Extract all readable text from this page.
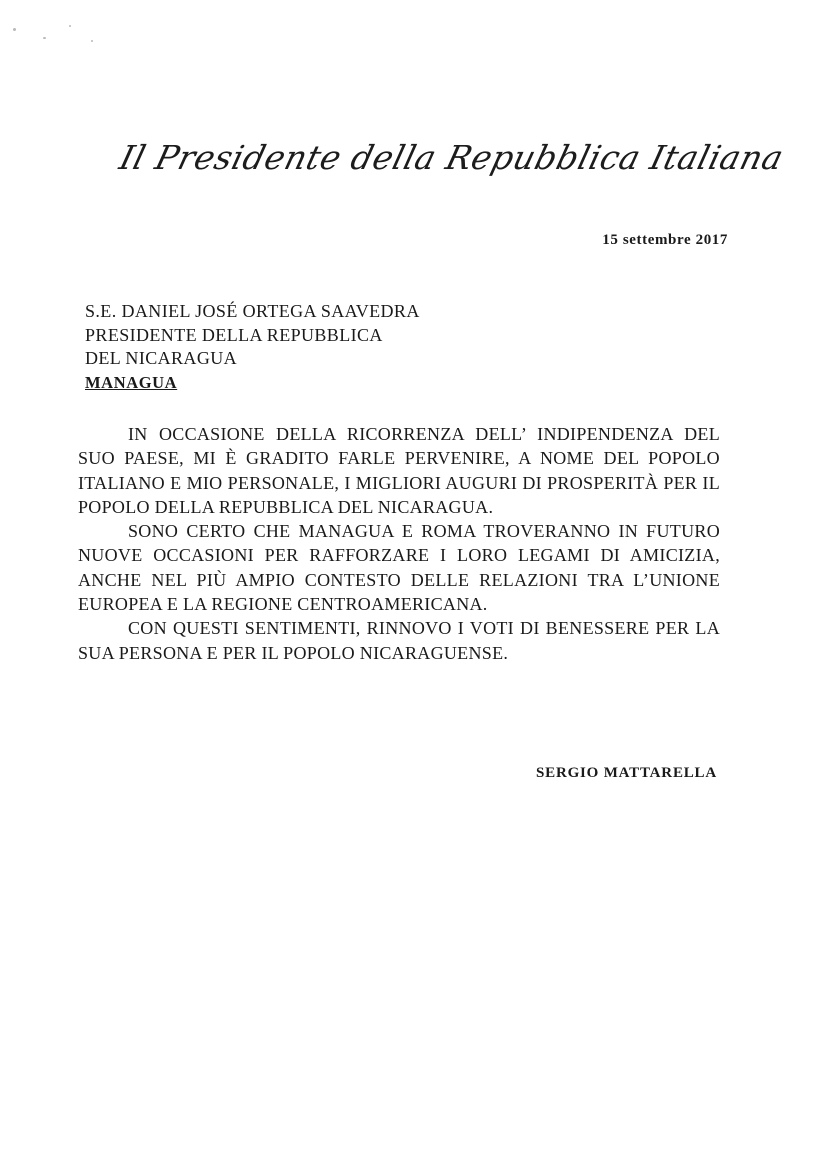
Il Presidente della Repubblica Italiana
15 settembre 2017
S.E. DANIEL JOSÉ ORTEGA SAAVEDRA
PRESIDENTE DELLA REPUBBLICA
DEL NICARAGUA
MANAGUA

IN OCCASIONE DELLA RICORRENZA DELL’ INDIPENDENZA DEL SUO PAESE, MI È GRADITO FARLE PERVENIRE, A NOME DEL POPOLO ITALIANO E MIO PERSONALE, I MIGLIORI AUGURI DI PROSPERITÀ PER IL POPOLO DELLA REPUBBLICA DEL NICARAGUA.

SONO CERTO CHE MANAGUA E ROMA TROVERANNO IN FUTURO NUOVE OCCASIONI PER RAFFORZARE I LORO LEGAMI DI AMICIZIA, ANCHE NEL PIÙ AMPIO CONTESTO DELLE RELAZIONI TRA L’UNIONE EUROPEA E LA REGIONE CENTROAMERICANA.

CON QUESTI SENTIMENTI, RINNOVO I VOTI DI BENESSERE PER LA SUA PERSONA E PER IL POPOLO NICARAGUENSE.

SERGIO MATTARELLA
